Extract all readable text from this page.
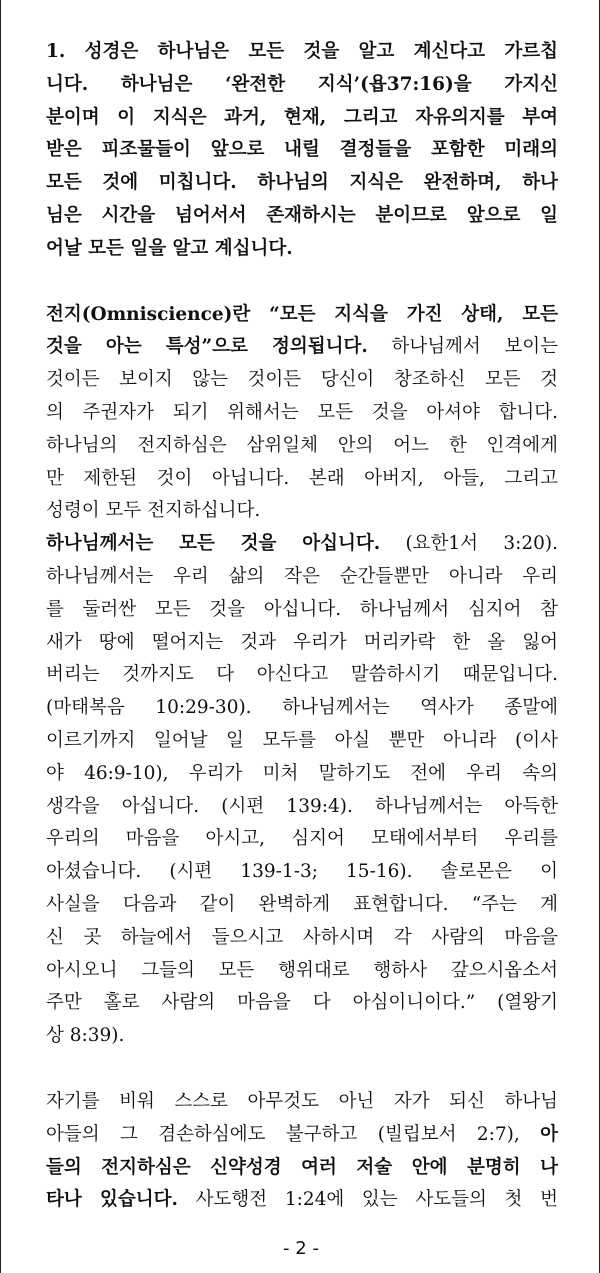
1. 성경은 하나님은 모든 것을 알고 계신다고 가르칩
니다. 하나님은 ‘완전한 지식’(욥37:16)을 가지신
분이며 이 지식은 과거, 현재, 그리고 자유의지를 부여
받은 피조물들이 앞으로 내릴 결정들을 포함한 미래의
모든 것에 미칩니다. 하나님의 지식은 완전하며, 하나
님은 시간을 넘어서서 존재하시는 분이므로 앞으로 일
어날 모든 일을 알고 계십니다.
전지(Omniscience)란 “모든 지식을 가진 상태, 모든
것을 아는 특성”으로 정의됩니다. 하나님께서 보이는
것이든 보이지 않는 것이든 당신이 창조하신 모든 것
의 주권자가 되기 위해서는 모든 것을 아셔야 합니다.
하나님의 전지하심은 삼위일체 안의 어느 한 인격에게
만 제한된 것이 아닙니다. 본래 아버지, 아들, 그리고
성령이 모두 전지하십니다.
하나님께서는 모든 것을 아십니다. (요한1서 3:20).
하나님께서는 우리 삶의 작은 순간들뿐만 아니라 우리
를 둘러싼 모든 것을 아십니다. 하나님께서 심지어 참
새가 땅에 떨어지는 것과 우리가 머리카락 한 올 잃어
버리는 것까지도 다 아신다고 말씀하시기 때문입니다.
(마태복음 10:29-30). 하나님께서는 역사가 종말에
이르기까지 일어날 일 모두를 아실 뿐만 아니라 (이사
야 46:9-10), 우리가 미처 말하기도 전에 우리 속의
생각을 아십니다. (시편 139:4). 하나님께서는 아득한
우리의 마음을 아시고, 심지어 모태에서부터 우리를
아셨습니다. (시편 139-1-3; 15-16). 솔로몬은 이
사실을 다음과 같이 완벽하게 표현합니다. “주는 계
신 곳 하늘에서 들으시고 사하시며 각 사람의 마음을
아시오니 그들의 모든 행위대로 행하사 갚으시옵소서
주만 홀로 사람의 마음을 다 아심이니이다.” (열왕기
상 8:39).
자기를 비워 스스로 아무것도 아닌 자가 되신 하나님
아들의 그 겸손하심에도 불구하고 (빌립보서 2:7), 아
들의 전지하심은 신약성경 여러 저술 안에 분명히 나
타나 있습니다. 사도행전 1:24에 있는 사도들의 첫 번
- 2 -
